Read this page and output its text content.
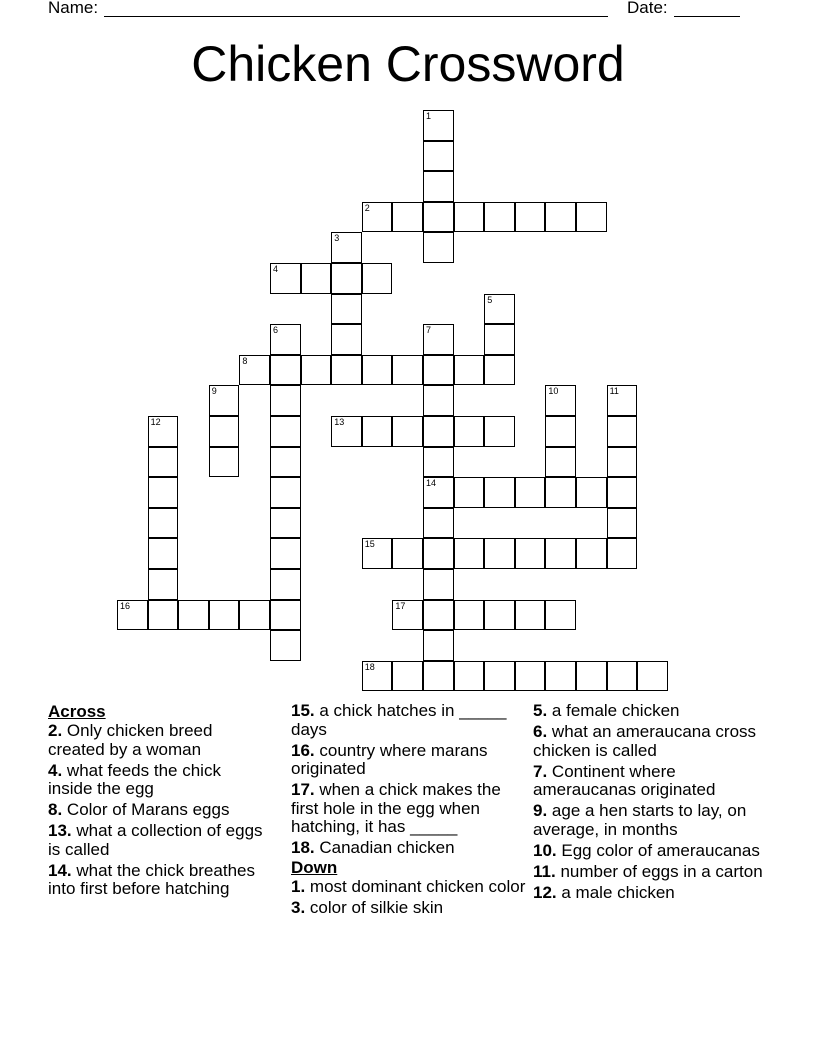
Name:	Date:
Chicken Crossword
1
2
3
4
5
6	7
14
8
9	10	11
12	13
15
16	17
18
Across
2. Only chicken breed created by a woman
4. what feeds the chick inside the egg
8. Color of Marans eggs
13. what a collection of eggs is called
14. what the chick breathes into first before hatching
15. a chick hatches in _____ days
16. country where marans originated
17. when a chick makes the first hole in the egg when hatching, it has _____
18. Canadian chicken
Down
1. most dominant chicken color
3. color of silkie skin
5. a female chicken
6. what an ameraucana cross chicken is called
7. Continent where ameraucanas originated
9. age a hen starts to lay, on average, in months
10. Egg color of ameraucanas
11. number of eggs in a carton
12. a male chicken
